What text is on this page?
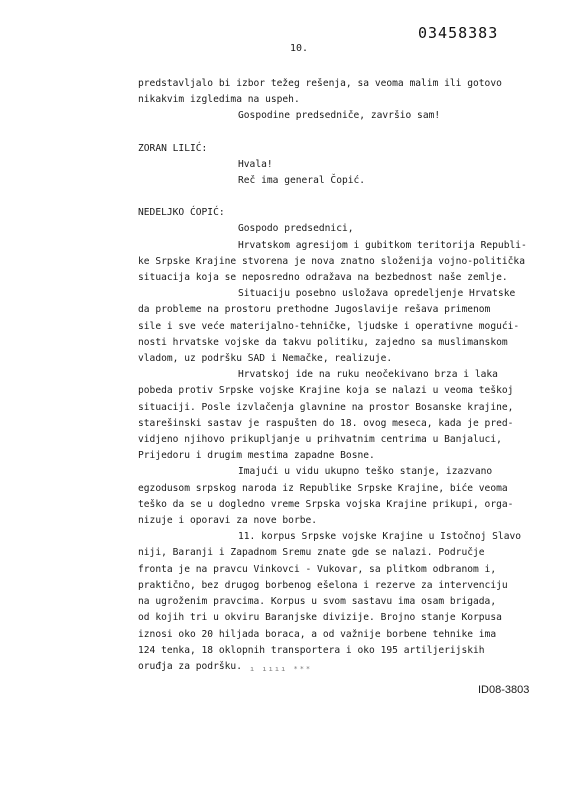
03458383
10.
predstavljalo bi izbor težeg rešenja, sa veoma malim ili gotovo
nikakvim izgledima na uspeh.
Gospodine predsedniče, završio sam!
ZORAN LILIĆ:
Hvala!
Reč ima general Čopić.
NEDELJKO ĆOPIĆ:
Gospodo predsednici,
Hrvatskom agresijom i gubitkom teritorija Republi-
ke Srpske Krajine stvorena je nova znatno složenija vojno-politička
situacija koja se neposredno odražava na bezbednost naše zemlje.
Situaciju posebno usložava opredeljenje Hrvatske
da probleme na prostoru prethodne Jugoslavije rešava primenom
sile i sve veće materijalno-tehničke, ljudske i operativne mogući-
nosti hrvatske vojske da takvu politiku, zajedno sa muslimanskom
vladom, uz podršku SAD i Nemačke, realizuje.
Hrvatskoj ide na ruku neočekivano brza i laka
pobeda protiv Srpske vojske Krajine koja se nalazi u veoma teškoj
situaciji. Posle izvlačenja glavnine na prostor Bosanske krajine,
starešinski sastav je raspušten do 18. ovog meseca, kada je pred-
vidjeno njihovo prikupljanje u prihvatnim centrima u Banjaluci,
Prijedoru i drugim mestima zapadne Bosne.
Imajući u vidu ukupno teško stanje, izazvano
egzodusom srpskog naroda iz Republike Srpske Krajine, biće veoma
teško da se u dogledno vreme Srpska vojska Krajine prikupi, orga-
nizuje i oporavi za nove borbe.
11. korpus Srpske vojske Krajine u Istočnoj Slavo
niji, Baranji i Zapadnom Sremu znate gde se nalazi. Područje
fronta je na pravcu Vinkovci - Vukovar, sa plitkom odbranom i,
praktično, bez drugog borbenog ešelona i rezerve za intervenciju
na ugroženim pravcima. Korpus u svom sastavu ima osam brigada,
od kojih tri u okviru Baranjske divizije. Brojno stanje Korpusa
iznosi oko 20 hiljada boraca, a od važnije borbene tehnike ima
124 tenka, 18 oklopnih transportera i oko 195 artiljerijskih
oruđja za podršku.	ı ıııı ***
ID08-3803
